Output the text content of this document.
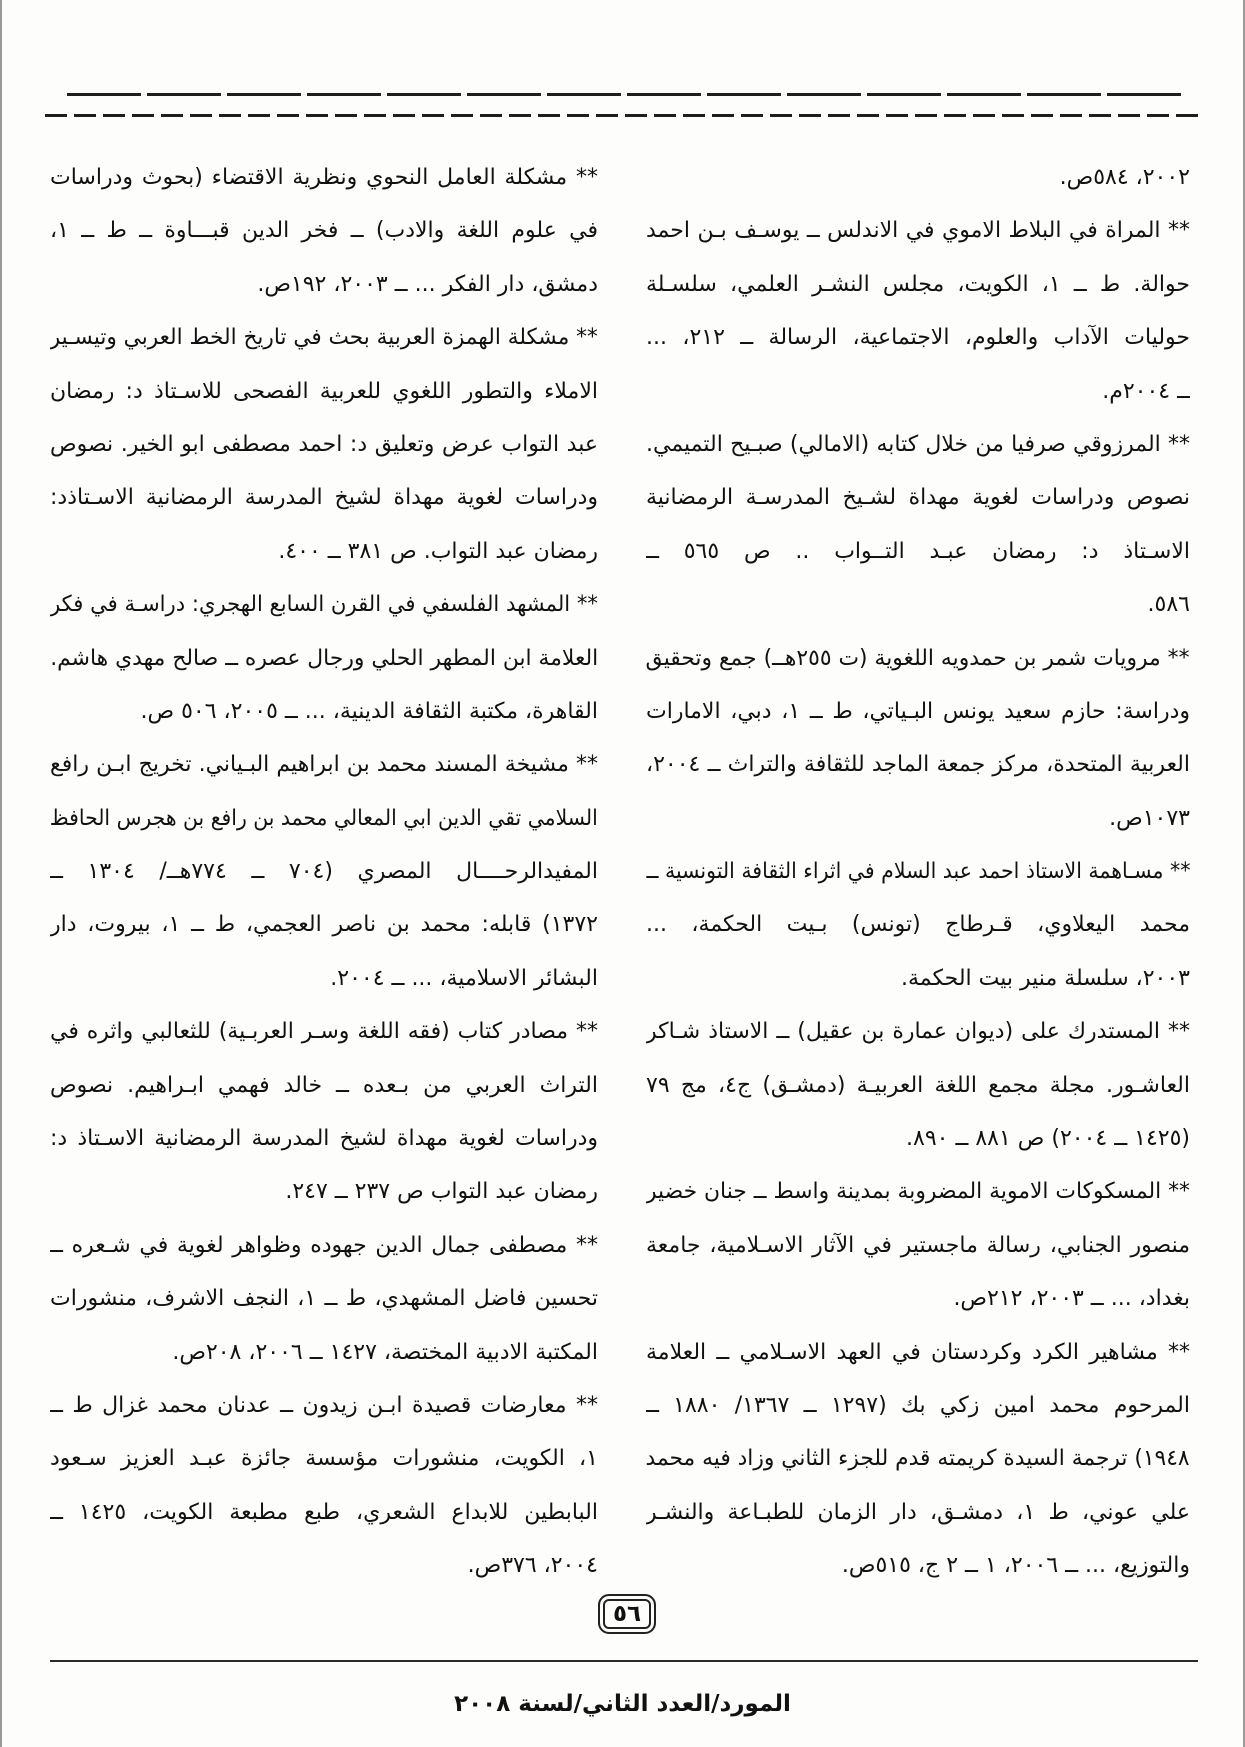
٢٠٠٢، ٥٨٤ص.
** المراة في البلاط الاموي في الاندلس ــ يوسـف بـن احمد
حوالة. ط ــ ١، الكويت، مجلس النشـر العلمي، سلسـلة
حوليات الآداب والعلوم، الاجتماعية، الرسالة ــ ٢١٢، ...
ــ ٢٠٠٤م.
** المرزوقي صرفيا من خلال كتابه (الامالي) صبـيح التميمي.
نصوص ودراسات لغوية مهداة لشـيخ المدرسـة الرمضانية
الاسـتاذ د: رمضان عبـد التــواب .. ص ٥٦٥ ــ
٥٨٦.
** مرويات شمر بن حمدويه اللغوية (ت ٢٥٥هــ) جمع وتحقيق
ودراسة: حازم سعيد يونس البـياتي، ط ــ ١، دبي، الامارات
العربية المتحدة، مركز جمعة الماجد للثقافة والتراث ــ ٢٠٠٤،
١٠٧٣ص.
** مسـاهمة الاستاذ احمد عبد السلام في اثراء الثقافة التونسية ــ
محمد اليعلاوي، قـرطاج (تونس) بـيت الحكمة، ...
٢٠٠٣، سلسلة منير بيت الحكمة.
** المستدرك على (ديوان عمارة بن عقيل) ــ الاستاذ شـاكر
العاشـور. مجلة مجمع اللغة العربيـة (دمشـق) ج٤، مج ٧٩
(١٤٢٥ ــ ٢٠٠٤) ص ٨٨١ ــ ٨٩٠.
** المسكوكات الاموية المضروبة بمدينة واسط ــ جنان خضير
منصور الجنابي، رسالة ماجستير في الآثار الاسـلامية، جامعة
بغداد، ... ــ ٢٠٠٣، ٢١٢ص.
** مشاهير الكرد وكردستان في العهد الاسـلامي ــ العلامة
المرحوم محمد امين زكي بك (١٢٩٧ ــ ١٣٦٧/ ١٨٨٠ ــ
١٩٤٨) ترجمة السيدة كريمته قدم للجزء الثاني وزاد فيه محمد
علي عوني، ط ١، دمشـق، دار الزمان للطبـاعة والنشـر
والتوزيع، ... ــ ٢٠٠٦، ١ ــ ٢ ج، ٥١٥ص.
** مشكلة العامل النحوي ونظرية الاقتضاء (بحوث ودراسات
في علوم اللغة والادب) ــ فخر الدين قبـــاوة ــ ط ــ ١،
دمشق، دار الفكر ... ــ ٢٠٠٣، ١٩٢ص.
** مشكلة الهمزة العربية بحث في تاريخ الخط العربي وتيسـير
الاملاء والتطور اللغوي للعربية الفصحى للاسـتاذ د: رمضان
عبد التواب عرض وتعليق د: احمد مصطفى ابو الخير. نصوص
ودراسات لغوية مهداة لشيخ المدرسة الرمضانية الاسـتاذد:
رمضان عبد التواب. ص ٣٨١ ــ ٤٠٠.
** المشهد الفلسفي في القرن السابع الهجري: دراسـة في فكر
العلامة ابن المطهر الحلي ورجال عصره ــ صالح مهدي هاشم.
القاهرة، مكتبة الثقافة الدينية، ... ــ ٢٠٠٥، ٥٠٦ ص.
** مشيخة المسند محمد بن ابراهيم البـياني. تخريج ابـن رافع
السلامي تقي الدين ابي المعالي محمد بن رافع بن هجرس الحافظ
المفيدالرحــــال المصري (٧٠٤ ــ ٧٧٤هــ/ ١٣٠٤ ــ
١٣٧٢) قابله: محمد بن ناصر العجمي، ط ــ ١، بيروت، دار
البشائر الاسلامية، ... ــ ٢٠٠٤.
** مصادر كتاب (فقه اللغة وسـر العربـية) للثعالبي واثره في
التراث العربي من بـعده ــ خالد فهمي ابـراهيم. نصوص
ودراسات لغوية مهداة لشيخ المدرسة الرمضانية الاسـتاذ د:
رمضان عبد التواب ص ٢٣٧ ــ ٢٤٧.
** مصطفى جمال الدين جهوده وظواهر لغوية في شـعره ــ
تحسين فاضل المشهدي، ط ــ ١، النجف الاشرف، منشورات
المكتبة الادبية المختصة، ١٤٢٧ ــ ٢٠٠٦، ٢٠٨ص.
** معارضات قصيدة ابـن زيدون ــ عدنان محمد غزال ط ــ
١، الكويت، منشورات مؤسسة جائزة عبـد العزيز سـعود
البابطين للابداع الشعري، طبع مطبعة الكويت، ١٤٢٥ ــ
٢٠٠٤، ٣٧٦ص.
٥٦
المورد/العدد الثاني/لسنة ٢٠٠٨
